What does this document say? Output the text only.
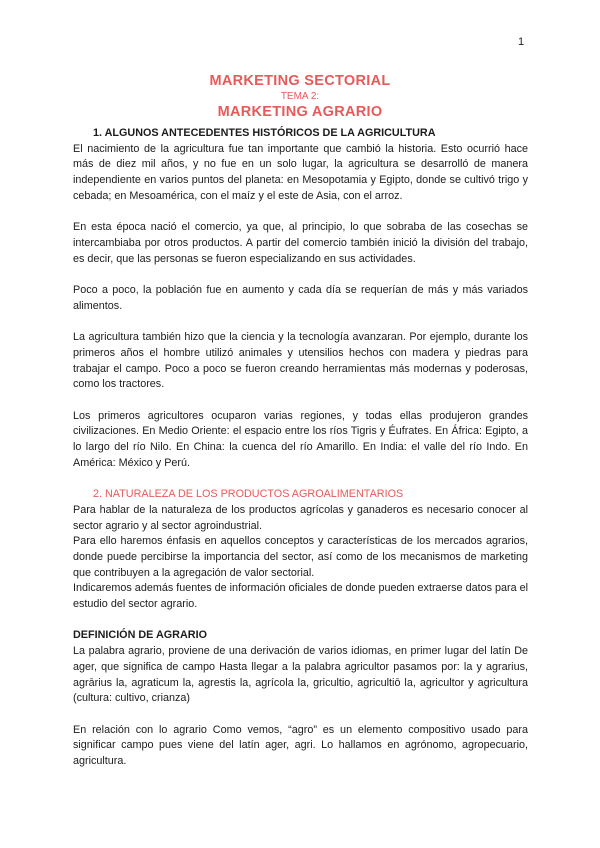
1

MARKETING SECTORIAL

TEMA 2:

MARKETING AGRARIO

1. ALGUNOS ANTECEDENTES HISTÓRICOS DE LA AGRICULTURA

El nacimiento de la agricultura fue tan importante que cambió la historia. Esto ocurrió hace más de diez mil años, y no fue en un solo lugar, la agricultura se desarrolló de manera independiente en varios puntos del planeta: en Mesopotamia y Egipto, donde se cultivó trigo y cebada; en Mesoamérica, con el maíz y el este de Asia, con el arroz.

En esta época nació el comercio, ya que, al principio, lo que sobraba de las cosechas se intercambiaba por otros productos. A partir del comercio también inició la división del trabajo, es decir, que las personas se fueron especializando en sus actividades.

Poco a poco, la población fue en aumento y cada día se requerían de más y más variados alimentos.

La agricultura también hizo que la ciencia y la tecnología avanzaran. Por ejemplo, durante los primeros años el hombre utilizó animales y utensilios hechos con madera y piedras para trabajar el campo. Poco a poco se fueron creando herramientas más modernas y poderosas, como los tractores.

Los primeros agricultores ocuparon varias regiones, y todas ellas produjeron grandes civilizaciones. En Medio Oriente: el espacio entre los ríos Tigris y Éufrates. En África: Egipto, a lo largo del río Nilo. En China: la cuenca del río Amarillo. En India: el valle del río Indo. En América: México y Perú.

2. NATURALEZA DE LOS PRODUCTOS AGROALIMENTARIOS

Para hablar de la naturaleza de los productos agrícolas y ganaderos es necesario conocer al sector agrario y al sector agroindustrial.

Para ello haremos énfasis en aquellos conceptos y características de los mercados agrarios, donde puede percibirse la importancia del sector, así como de los mecanismos de marketing que contribuyen a la agregación de valor sectorial.

Indicaremos además fuentes de información oficiales de donde pueden extraerse datos para el estudio del sector agrario.

DEFINICIÓN DE AGRARIO

La palabra agrario, proviene de una derivación de varios idiomas, en primer lugar del latín De ager, que significa de campo Hasta llegar a la palabra agricultor pasamos por: la y agrarius, agrārius la, agraticum la, agrestis la, agrícola la, gricultio, agricultiō la, agricultor y agricultura (cultura: cultivo, crianza)

En relación con lo agrario Como vemos, “agro” es un elemento compositivo usado para significar campo pues viene del latín ager, agri. Lo hallamos en agrónomo, agropecuario, agricultura.
